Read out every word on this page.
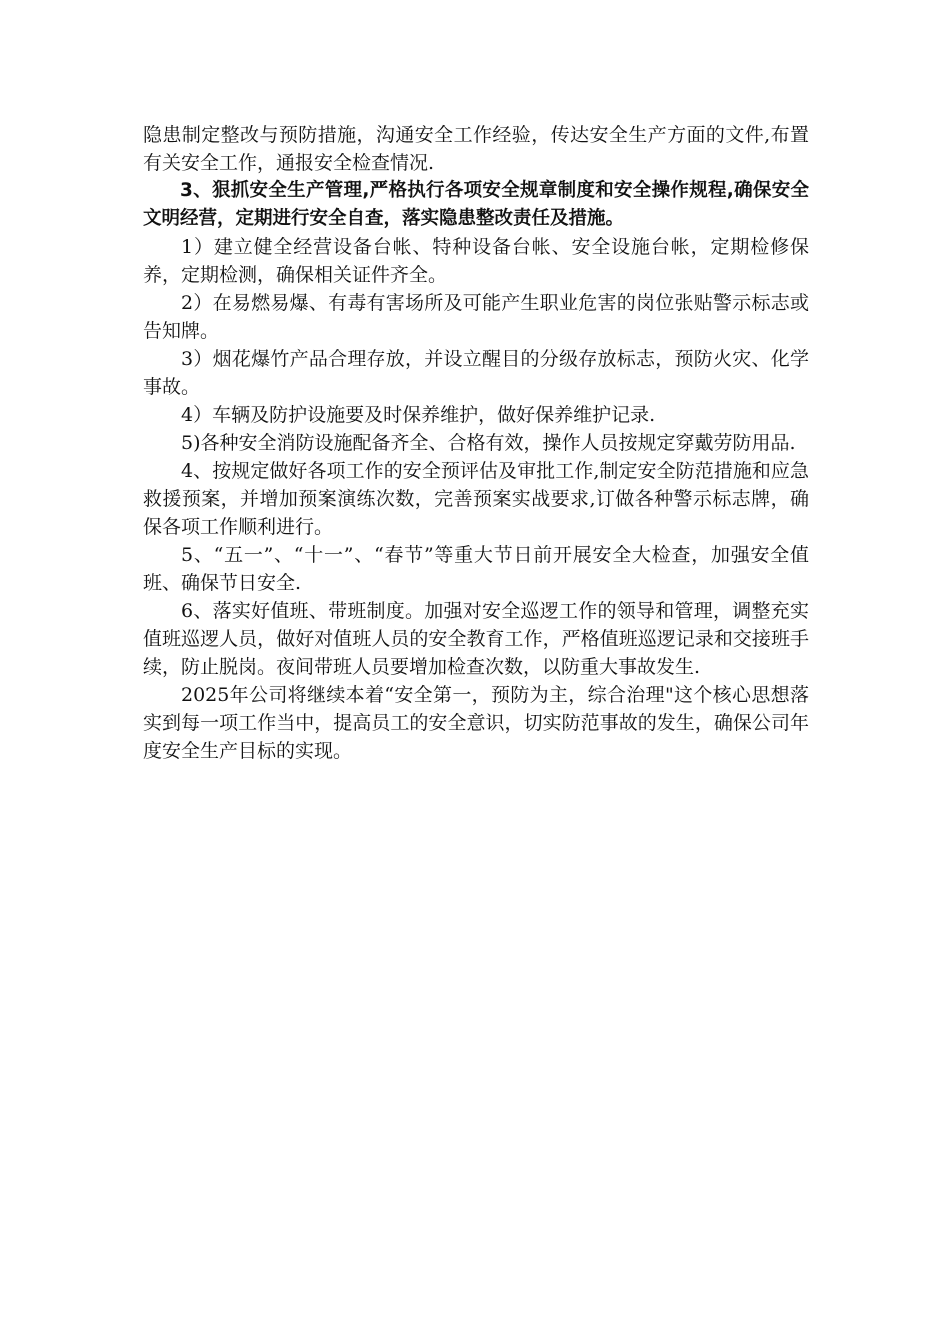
隐患制定整改与预防措施，沟通安全工作经验，传达安全生产方面的文件,布置有关安全工作，通报安全检查情况.

3、狠抓安全生产管理,严格执行各项安全规章制度和安全操作规程,确保安全文明经营，定期进行安全自查，落实隐患整改责任及措施。

1）建立健全经营设备台帐、特种设备台帐、安全设施台帐，定期检修保养，定期检测，确保相关证件齐全。

2）在易燃易爆、有毒有害场所及可能产生职业危害的岗位张贴警示标志或告知牌。

3）烟花爆竹产品合理存放，并设立醒目的分级存放标志，预防火灾、化学事故。

4）车辆及防护设施要及时保养维护，做好保养维护记录.

5)各种安全消防设施配备齐全、合格有效，操作人员按规定穿戴劳防用品.

4、按规定做好各项工作的安全预评估及审批工作,制定安全防范措施和应急救援预案，并增加预案演练次数，完善预案实战要求,订做各种警示标志牌，确保各项工作顺利进行。

5、“五一”、“十一”、“春节”等重大节日前开展安全大检查，加强安全值班、确保节日安全.

6、落实好值班、带班制度。加强对安全巡逻工作的领导和管理，调整充实值班巡逻人员，做好对值班人员的安全教育工作，严格值班巡逻记录和交接班手续，防止脱岗。夜间带班人员要增加检查次数，以防重大事故发生.

2025年公司将继续本着“安全第一，预防为主，综合治理"这个核心思想落实到每一项工作当中，提高员工的安全意识，切实防范事故的发生，确保公司年度安全生产目标的实现。
